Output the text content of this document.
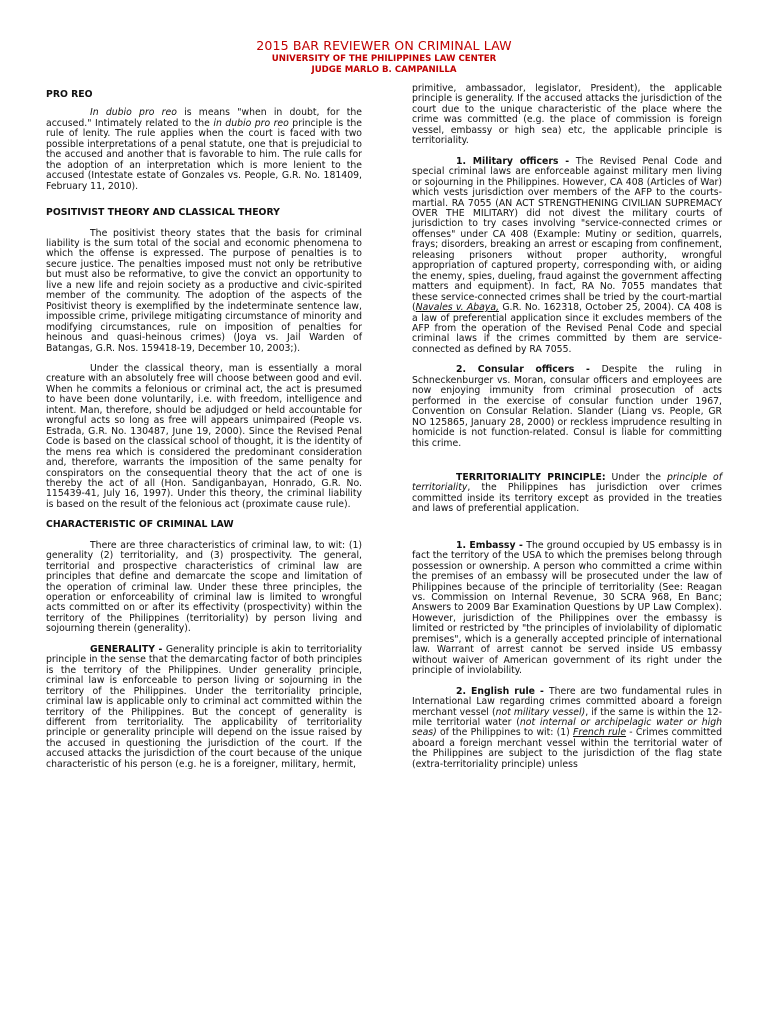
2015 BAR REVIEWER ON CRIMINAL LAW
UNIVERSITY OF THE PHILIPPINES LAW CENTER
JUDGE MARLO B. CAMPANILLA

PRO REO

In dubio pro reo is means "when in doubt, for the accused." Intimately related to the in dubio pro reo principle is the rule of lenity. The rule applies when the court is faced with two possible interpretations of a penal statute, one that is prejudicial to the accused and another that is favorable to him. The rule calls for the adoption of an interpretation which is more lenient to the accused (Intestate estate of Gonzales vs. People, G.R. No. 181409, February 11, 2010).

POSITIVIST THEORY AND CLASSICAL THEORY

The positivist theory states that the basis for criminal liability is the sum total of the social and economic phenomena to which the offense is expressed. The purpose of penalties is to secure justice. The penalties imposed must not only be retributive but must also be reformative, to give the convict an opportunity to live a new life and rejoin society as a productive and civic-spirited member of the community. The adoption of the aspects of the Positivist theory is exemplified by the indeterminate sentence law, impossible crime, privilege mitigating circumstance of minority and modifying circumstances, rule on imposition of penalties for heinous and quasi-heinous crimes) (Joya vs. Jail Warden of Batangas, G.R. Nos. 159418-19, December 10, 2003;).

Under the classical theory, man is essentially a moral creature with an absolutely free will choose between good and evil. When he commits a felonious or criminal act, the act is presumed to have been done voluntarily, i.e. with freedom, intelligence and intent. Man, therefore, should be adjudged or held accountable for wrongful acts so long as free will appears unimpaired (People vs. Estrada, G.R. No. 130487, June 19, 2000). Since the Revised Penal Code is based on the classical school of thought, it is the identity of the mens rea which is considered the predominant consideration and, therefore, warrants the imposition of the same penalty for conspirators on the consequential theory that the act of one is thereby the act of all (Hon. Sandiganbayan, Honrado, G.R. No. 115439-41, July 16, 1997). Under this theory, the criminal liability is based on the result of the felonious act (proximate cause rule).

CHARACTERISTIC OF CRIMINAL LAW

There are three characteristics of criminal law, to wit: (1) generality (2) territoriality, and (3) prospectivity. The general, territorial and prospective characteristics of criminal law are principles that define and demarcate the scope and limitation of the operation of criminal law. Under these three principles, the operation or enforceability of criminal law is limited to wrongful acts committed on or after its effectivity (prospectivity) within the territory of the Philippines (territoriality) by person living and sojourning therein (generality).

GENERALITY - Generality principle is akin to territoriality principle in the sense that the demarcating factor of both principles is the territory of the Philippines. Under generality principle, criminal law is enforceable to person living or sojourning in the territory of the Philippines. Under the territoriality principle, criminal law is applicable only to criminal act committed within the territory of the Philippines. But the concept of generality is different from territoriality. The applicability of territoriality principle or generality principle will depend on the issue raised by the accused in questioning the jurisdiction of the court. If the accused attacks the jurisdiction of the court because of the unique characteristic of his person (e.g. he is a foreigner, military, hermit,

primitive, ambassador, legislator, President), the applicable principle is generality. If the accused attacks the jurisdiction of the court due to the unique characteristic of the place where the crime was committed (e.g. the place of commission is foreign vessel, embassy or high sea) etc, the applicable principle is territoriality.

1. Military officers - The Revised Penal Code and special criminal laws are enforceable against military men living or sojourning in the Philippines. However, CA 408 (Articles of War) which vests jurisdiction over members of the AFP to the courts-martial. RA 7055 (AN ACT STRENGTHENING CIVILIAN SUPREMACY OVER THE MILITARY) did not divest the military courts of jurisdiction to try cases involving "service-connected crimes or offenses" under CA 408 (Example: Mutiny or sedition, quarrels, frays; disorders, breaking an arrest or escaping from confinement, releasing prisoners without proper authority, wrongful appropriation of captured property, corresponding with, or aiding the enemy, spies, dueling, fraud against the government affecting matters and equipment). In fact, RA No. 7055 mandates that these service-connected crimes shall be tried by the court-martial (Navales v. Abaya, G.R. No. 162318, October 25, 2004). CA 408 is a law of preferential application since it excludes members of the AFP from the operation of the Revised Penal Code and special criminal laws if the crimes committed by them are service-connected as defined by RA 7055.

2. Consular officers - Despite the ruling in Schneckenburger vs. Moran, consular officers and employees are now enjoying immunity from criminal prosecution of acts performed in the exercise of consular function under 1967, Convention on Consular Relation. Slander (Liang vs. People, GR NO 125865, January 28, 2000) or reckless imprudence resulting in homicide is not function-related. Consul is liable for committing this crime.

TERRITORIALITY PRINCIPLE: Under the principle of territoriality, the Philippines has jurisdiction over crimes committed inside its territory except as provided in the treaties and laws of preferential application.

1. Embassy - The ground occupied by US embassy is in fact the territory of the USA to which the premises belong through possession or ownership. A person who committed a crime within the premises of an embassy will be prosecuted under the law of Philippines because of the principle of territoriality (See: Reagan vs. Commission on Internal Revenue, 30 SCRA 968, En Banc; Answers to 2009 Bar Examination Questions by UP Law Complex). However, jurisdiction of the Philippines over the embassy is limited or restricted by "the principles of inviolability of diplomatic premises", which is a generally accepted principle of international law. Warrant of arrest cannot be served inside US embassy without waiver of American government of its right under the principle of inviolability.

2. English rule - There are two fundamental rules in International Law regarding crimes committed aboard a foreign merchant vessel (not military vessel), if the same is within the 12-mile territorial water (not internal or archipelagic water or high seas) of the Philippines to wit: (1) French rule - Crimes committed aboard a foreign merchant vessel within the territorial water of the Philippines are subject to the jurisdiction of the flag state (extra-territoriality principle) unless
